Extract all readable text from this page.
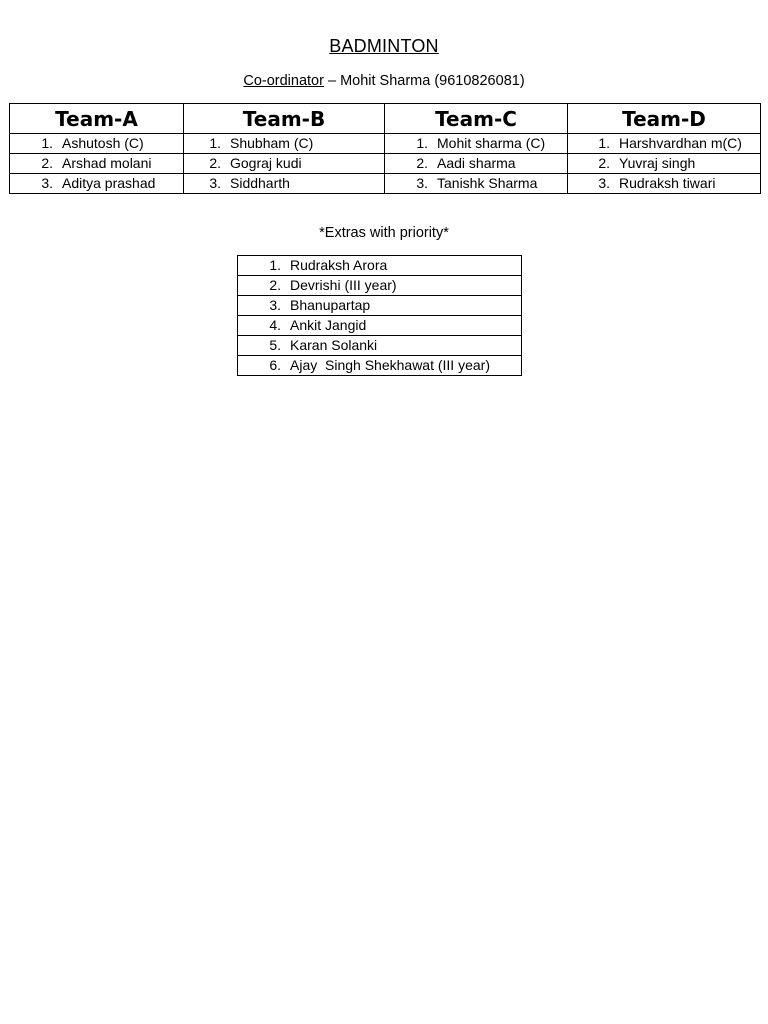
BADMINTON
Co-ordinator – Mohit Sharma (9610826081)
Team-A	Team-B	Team-C	Team-D
1. Ashutosh (C)	1. Shubham (C)	1. Mohit sharma (C)	1. Harshvardhan m(C)
2. Arshad molani	2. Gograj kudi	2. Aadi sharma	2. Yuvraj singh
3. Aditya prashad	3. Siddharth	3. Tanishk Sharma	3. Rudraksh tiwari
*Extras with priority*
1. Rudraksh Arora
2. Devrishi (III year)
3. Bhanupartap
4. Ankit Jangid
5. Karan Solanki
6. Ajay  Singh Shekhawat (III year)
